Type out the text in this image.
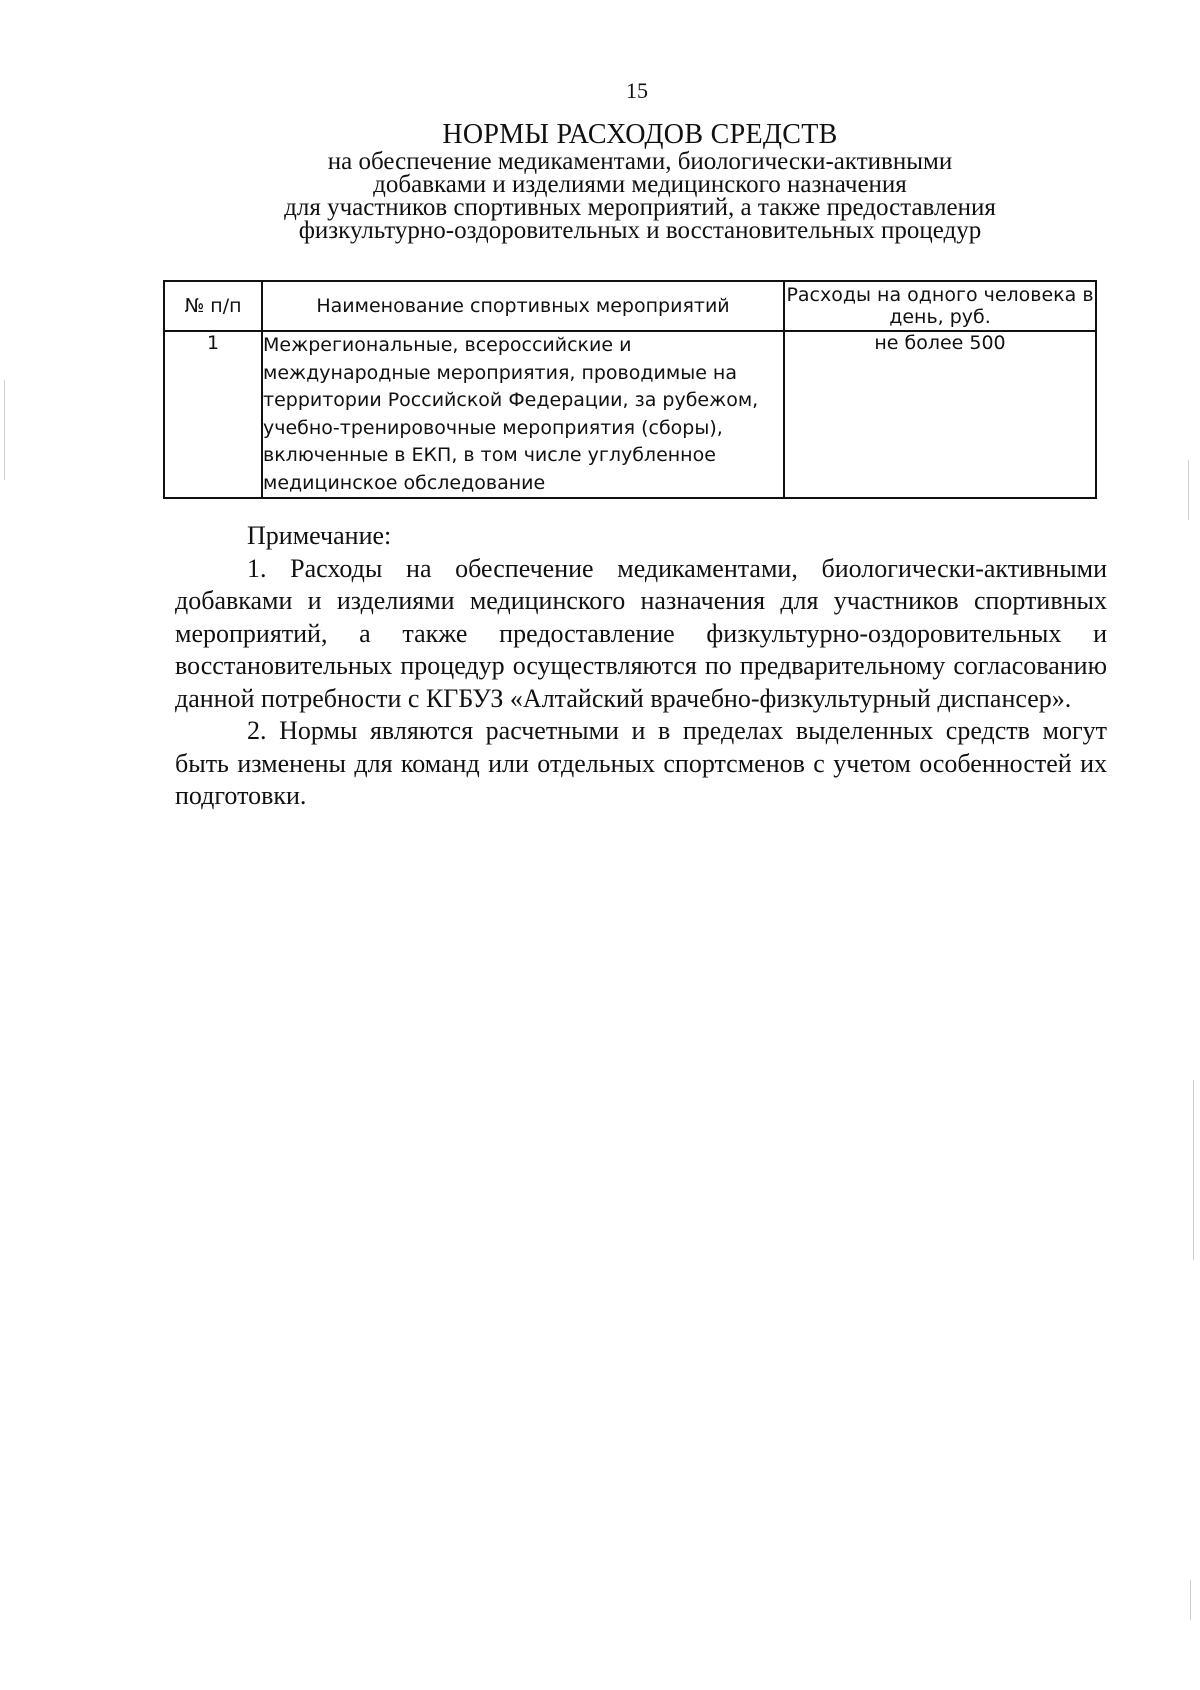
15
НОРМЫ РАСХОДОВ СРЕДСТВ
на обеспечение медикаментами, биологически-активными
добавками и изделиями медицинского назначения
для участников спортивных мероприятий, а также предоставления
физкультурно-оздоровительных и восстановительных процедур
№ п/п	Наименование спортивных мероприятий	Расходы на одного человека в день, руб.
1	Межрегиональные, всероссийские и международные мероприятия, проводимые на территории Российской Федерации, за рубежом, учебно-тренировочные мероприятия (сборы), включенные в ЕКП, в том числе углубленное медицинское обследование	не более 500
Примечание:
1. Расходы на обеспечение медикаментами, биологически-активными добавками и изделиями медицинского назначения для участников спортивных мероприятий, а также предоставление физкультурно-оздоровительных и восстановительных процедур осуществляются по предварительному согласованию данной потребности с КГБУЗ «Алтайский врачебно-физкультурный диспансер».
2. Нормы являются расчетными и в пределах выделенных средств могут быть изменены для команд или отдельных спортсменов с учетом особенностей их подготовки.
